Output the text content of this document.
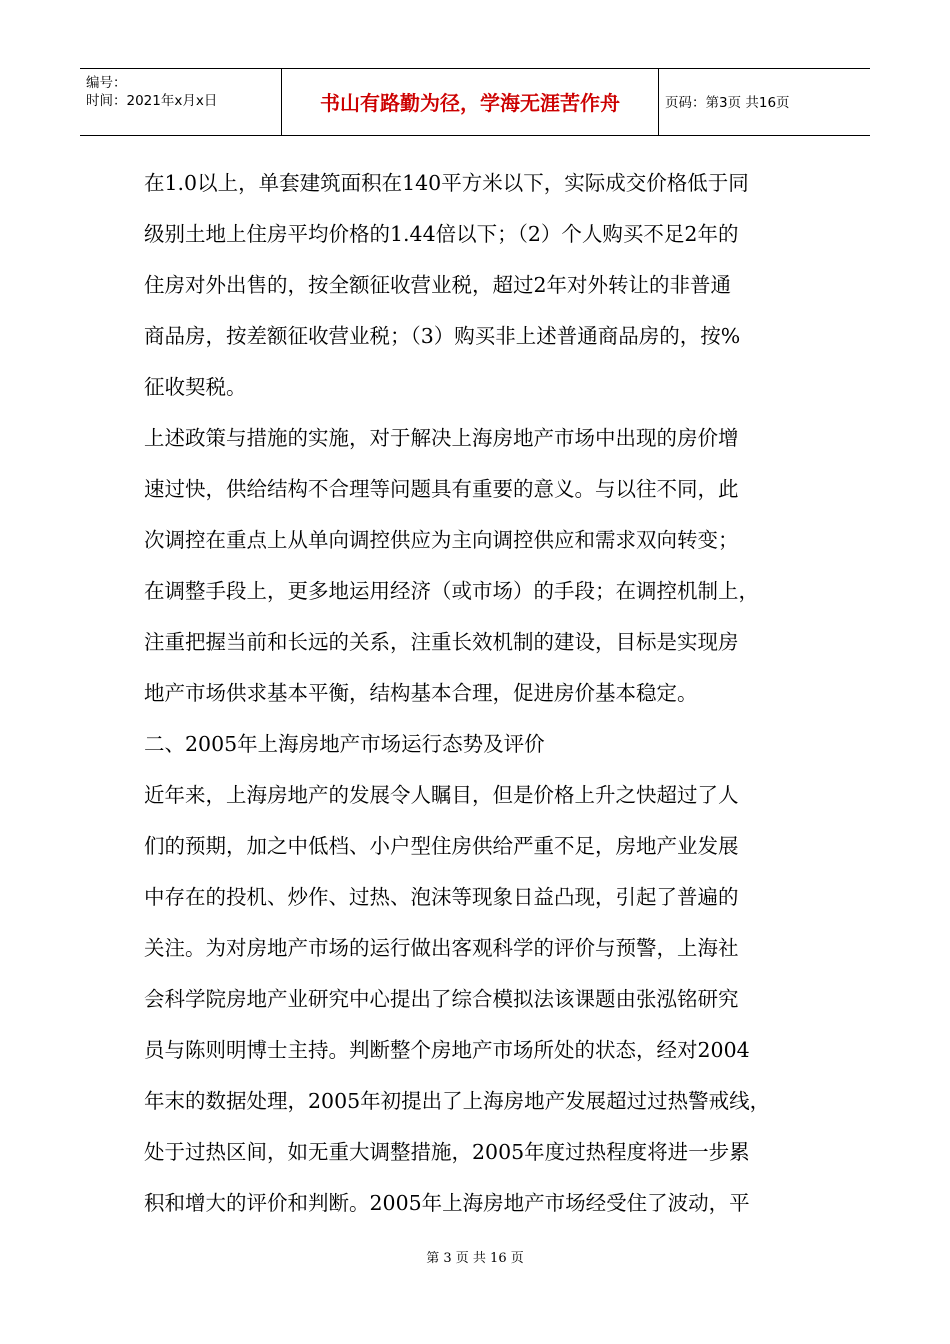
编号：
时间：2021年x月x日	书山有路勤为径，学海无涯苦作舟	页码：第3页 共16页
在1.0以上，单套建筑面积在140平方米以下，实际成交价格低于同
级别土地上住房平均价格的1.44倍以下；（2）个人购买不足2年的
住房对外出售的，按全额征收营业税，超过2年对外转让的非普通
商品房，按差额征收营业税；（3）购买非上述普通商品房的，按%
征收契税。
上述政策与措施的实施，对于解决上海房地产市场中出现的房价增
速过快，供给结构不合理等问题具有重要的意义。与以往不同，此
次调控在重点上从单向调控供应为主向调控供应和需求双向转变；
在调整手段上，更多地运用经济（或市场）的手段；在调控机制上，
注重把握当前和长远的关系，注重长效机制的建设，目标是实现房
地产市场供求基本平衡，结构基本合理，促进房价基本稳定。
二、2005年上海房地产市场运行态势及评价
近年来，上海房地产的发展令人瞩目，但是价格上升之快超过了人
们的预期，加之中低档、小户型住房供给严重不足，房地产业发展
中存在的投机、炒作、过热、泡沫等现象日益凸现，引起了普遍的
关注。为对房地产市场的运行做出客观科学的评价与预警，上海社
会科学院房地产业研究中心提出了综合模拟法该课题由张泓铭研究
员与陈则明博士主持。判断整个房地产市场所处的状态，经对2004
年末的数据处理，2005年初提出了上海房地产发展超过过热警戒线，
处于过热区间，如无重大调整措施，2005年度过热程度将进一步累
积和增大的评价和判断。2005年上海房地产市场经受住了波动，平
第 3 页 共 16 页
